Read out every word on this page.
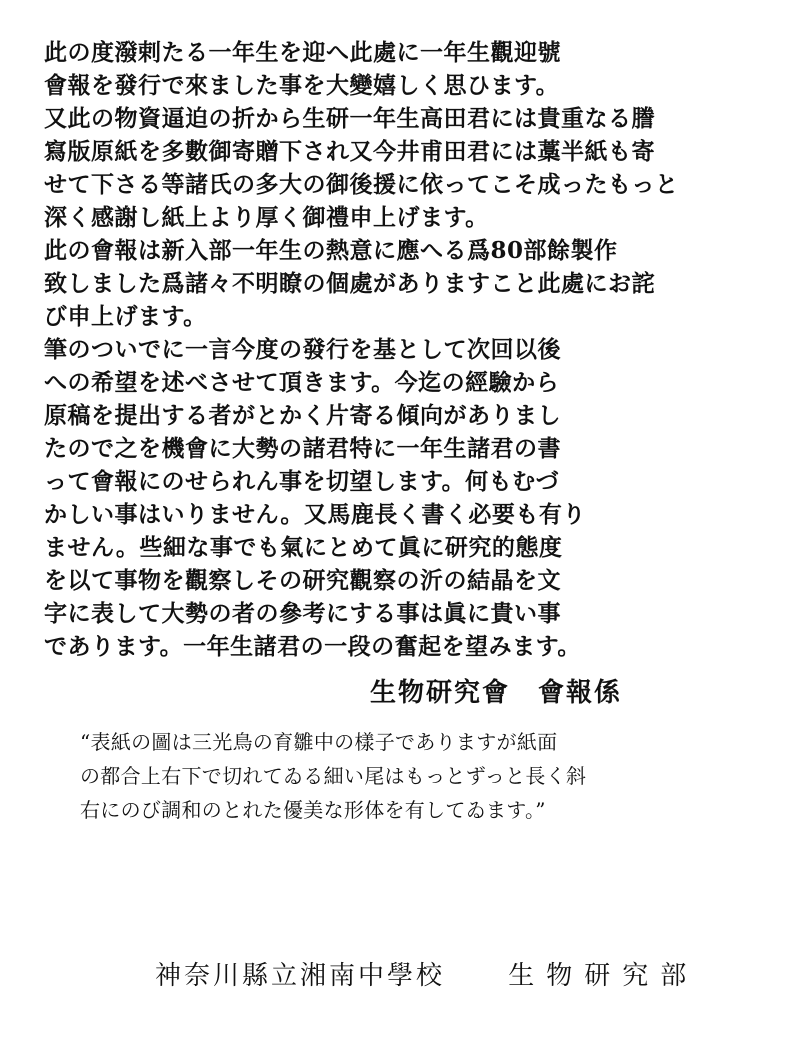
此の度潑剌たる一年生を迎へ此處に一年生觀迎號
會報を發行で來ました事を大變嬉しく思ひます。
又此の物資逼迫の折から生研一年生高田君には貴重なる謄
寫版原紙を多數御寄贈下され又今井甫田君には藁半紙も寄
せて下さる等諸氏の多大の御後援に依ってこそ成ったもっと
深く感謝し紙上より厚く御禮申上げます。
此の會報は新入部一年生の熱意に應へる爲80部餘製作
致しました爲諸々不明瞭の個處がありますこと此處にお詫
び申上げます。
筆のついでに一言今度の發行を基として次回以後
への希望を述べさせて頂きます。今迄の經驗から
原稿を提出する者がとかく片寄る傾向がありまし
たので之を機會に大勢の諸君特に一年生諸君の書
って會報にのせられん事を切望します。何もむづ
かしい事はいりません。又馬鹿長く書く必要も有り
ません。些細な事でも氣にとめて眞に研究的態度
を以て事物を觀察しその研究觀察の沂の結晶を文
字に表して大勢の者の參考にする事は眞に貴い事
であります。一年生諸君の一段の奮起を望みます。
生物研究會　會報係
“表紙の圖は三光鳥の育雛中の樣子でありますが紙面
の都合上右下で切れてゐる細い尾はもっとずっと長く斜
右にのび調和のとれた優美な形体を有してゐます。”
神奈川縣立湘南中學校 生物研究部
